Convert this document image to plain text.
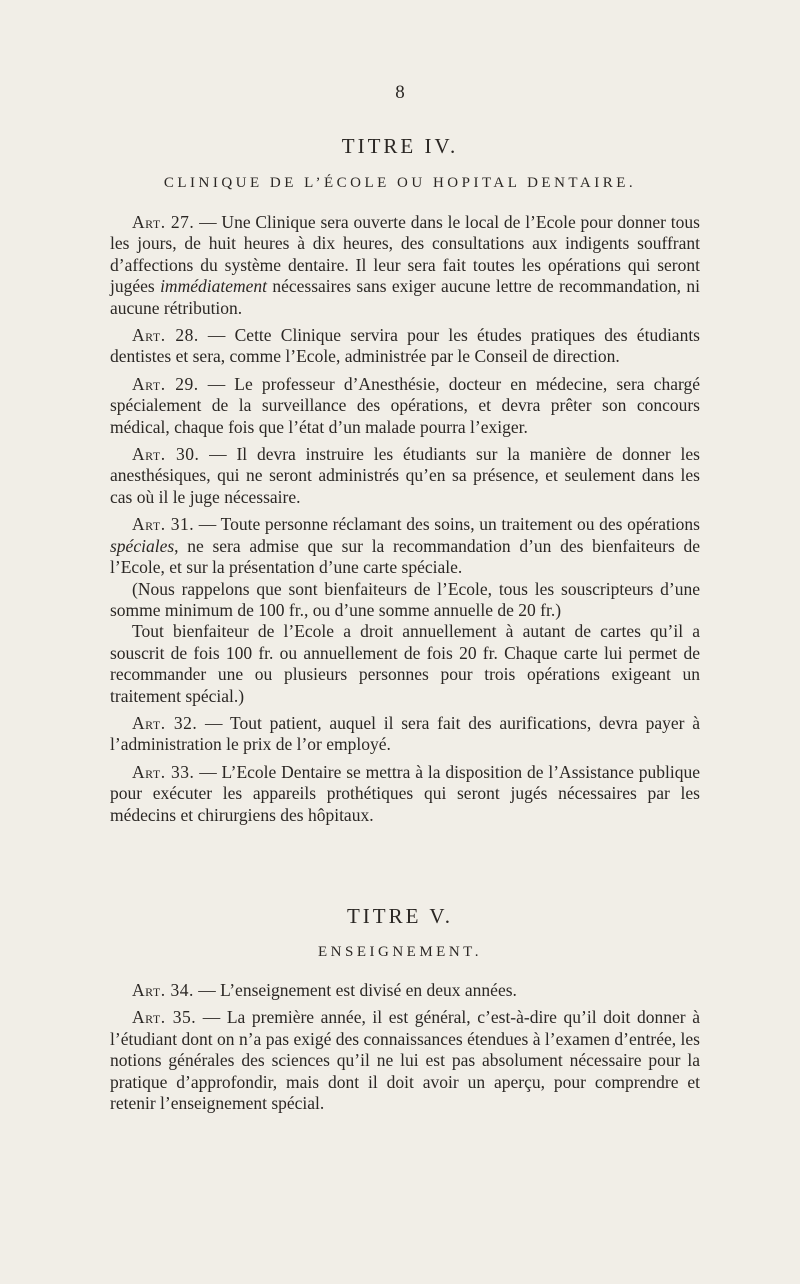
8
TITRE IV.
CLINIQUE DE L’ÉCOLE OU HOPITAL DENTAIRE.

Art. 27. — Une Clinique sera ouverte dans le local de l’Ecole pour donner tous les jours, de huit heures à dix heures, des consultations aux indigents souffrant d’affections du système dentaire. Il leur sera fait toutes les opérations qui seront jugées immédiatement nécessaires sans exiger aucune lettre de recommandation, ni aucune rétribution.

Art. 28. — Cette Clinique servira pour les études pratiques des étudiants dentistes et sera, comme l’Ecole, administrée par le Conseil de direction.

Art. 29. — Le professeur d’Anesthésie, docteur en médecine, sera chargé spécialement de la surveillance des opérations, et devra prêter son concours médical, chaque fois que l’état d’un malade pourra l’exiger.

Art. 30. — Il devra instruire les étudiants sur la manière de donner les anesthésiques, qui ne seront administrés qu’en sa présence, et seulement dans les cas où il le juge nécessaire.

Art. 31. — Toute personne réclamant des soins, un traitement ou des opérations spéciales, ne sera admise que sur la recommandation d’un des bienfaiteurs de l’Ecole, et sur la présentation d’une carte spéciale.

(Nous rappelons que sont bienfaiteurs de l’Ecole, tous les souscripteurs d’une somme minimum de 100 fr., ou d’une somme annuelle de 20 fr.)

Tout bienfaiteur de l’Ecole a droit annuellement à autant de cartes qu’il a souscrit de fois 100 fr. ou annuellement de fois 20 fr. Chaque carte lui permet de recommander une ou plusieurs personnes pour trois opérations exigeant un traitement spécial.)

Art. 32. — Tout patient, auquel il sera fait des aurifications, devra payer à l’administration le prix de l’or employé.

Art. 33. — L’Ecole Dentaire se mettra à la disposition de l’Assistance publique pour exécuter les appareils prothétiques qui seront jugés nécessaires par les médecins et chirurgiens des hôpitaux.

TITRE V.
ENSEIGNEMENT.

Art. 34. — L’enseignement est divisé en deux années.

Art. 35. — La première année, il est général, c’est-à-dire qu’il doit donner à l’étudiant dont on n’a pas exigé des connaissances étendues à l’examen d’entrée, les notions générales des sciences qu’il ne lui est pas absolument nécessaire pour la pratique d’approfondir, mais dont il doit avoir un aperçu, pour comprendre et retenir l’enseignement spécial.
